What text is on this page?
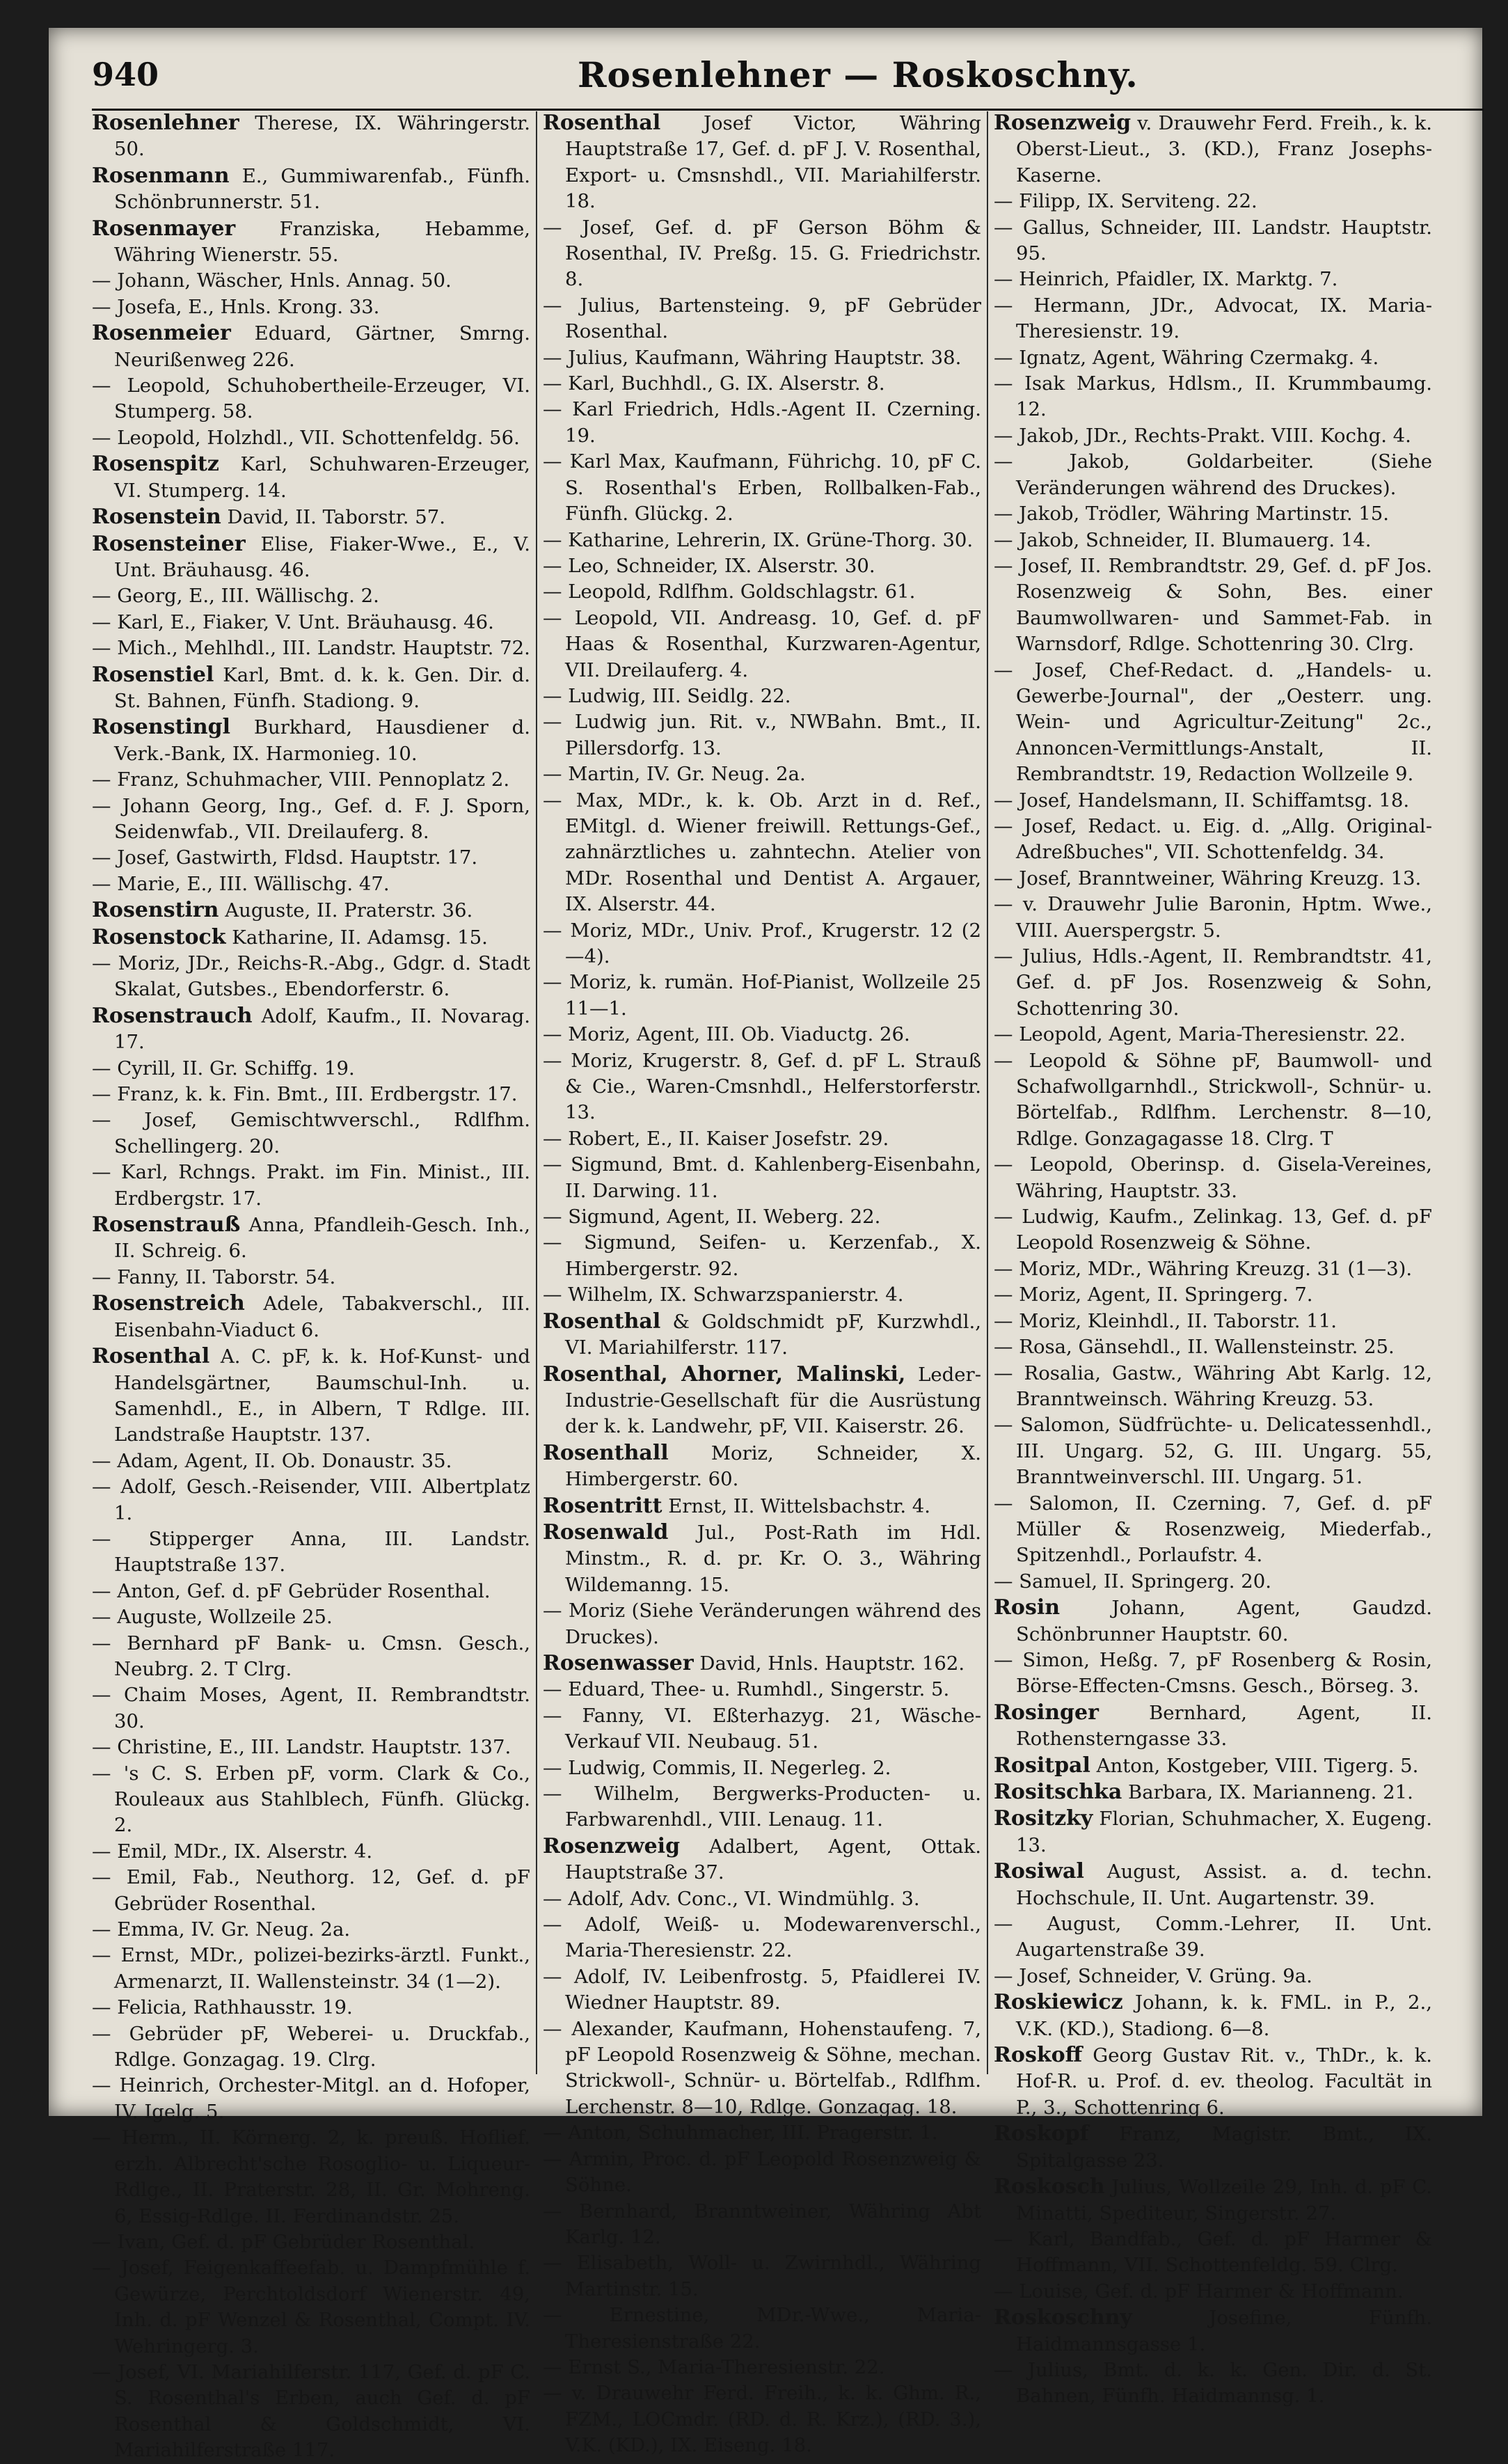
940	Rosenlehner — Roskoschny.
Rosenlehner Therese, IX. Währingerstr. 50.
Rosenmann E., Gummiwarenfab., Fünfh. Schönbrunnerstr. 51.
Rosenmayer Franziska, Hebamme, Währing Wienerstr. 55.
— Johann, Wäscher, Hnls. Annag. 50.
— Josefa, E., Hnls. Krong. 33.
Rosenmeier Eduard, Gärtner, Smrng. Neurißenweg 226.
— Leopold, Schuhobertheile-Erzeuger, VI. Stumperg. 58.
— Leopold, Holzhdl., VII. Schottenfeldg. 56.
Rosenspitz Karl, Schuhwaren-Erzeuger, VI. Stumperg. 14.
Rosenstein David, II. Taborstr. 57.
Rosensteiner Elise, Fiaker-Wwe., E., V. Unt. Bräuhausg. 46.
— Georg, E., III. Wällischg. 2.
— Karl, E., Fiaker, V. Unt. Bräuhausg. 46.
— Mich., Mehlhdl., III. Landstr. Hauptstr. 72.
Rosenstiel Karl, Bmt. d. k. k. Gen. Dir. d. St. Bahnen, Fünfh. Stadiong. 9.
Rosenstingl Burkhard, Hausdiener d. Verk.-Bank, IX. Harmonieg. 10.
— Franz, Schuhmacher, VIII. Pennoplatz 2.
— Johann Georg, Ing., Gef. d. F. J. Sporn, Seidenwfab., VII. Dreilauferg. 8.
— Josef, Gastwirth, Fldsd. Hauptstr. 17.
— Marie, E., III. Wällischg. 47.
Rosenstirn Auguste, II. Praterstr. 36.
Rosenstock Katharine, II. Adamsg. 15.
— Moriz, JDr., Reichs-R.-Abg., Gdgr. d. Stadt Skalat, Gutsbes., Ebendorferstr. 6.
Rosenstrauch Adolf, Kaufm., II. Novarag. 17.
— Cyrill, II. Gr. Schiffg. 19.
— Franz, k. k. Fin. Bmt., III. Erdbergstr. 17.
— Josef, Gemischtwverschl., Rdlfhm. Schellingerg. 20.
— Karl, Rchngs. Prakt. im Fin. Minist., III. Erdbergstr. 17.
Rosenstrauß Anna, Pfandleih-Gesch. Inh., II. Schreig. 6.
— Fanny, II. Taborstr. 54.
Rosenstreich Adele, Tabakverschl., III. Eisenbahn-Viaduct 6.
Rosenthal A. C. pF, k. k. Hof-Kunst- und Handelsgärtner, Baumschul-Inh. u. Samenhdl., E., in Albern, T Rdlge. III. Landstraße Hauptstr. 137.
— Adam, Agent, II. Ob. Donaustr. 35.
— Adolf, Gesch.-Reisender, VIII. Albertplatz 1.
— Stipperger Anna, III. Landstr. Hauptstraße 137.
— Anton, Gef. d. pF Gebrüder Rosenthal.
— Auguste, Wollzeile 25.
— Bernhard pF Bank- u. Cmsn. Gesch., Neubrg. 2. T Clrg.
— Chaim Moses, Agent, II. Rembrandtstr. 30.
— Christine, E., III. Landstr. Hauptstr. 137.
— 's C. S. Erben pF, vorm. Clark & Co., Rouleaux aus Stahlblech, Fünfh. Glückg. 2.
— Emil, MDr., IX. Alserstr. 4.
— Emil, Fab., Neuthorg. 12, Gef. d. pF Gebrüder Rosenthal.
— Emma, IV. Gr. Neug. 2a.
— Ernst, MDr., polizei-bezirks-ärztl. Funkt., Armenarzt, II. Wallensteinstr. 34 (1—2).
— Felicia, Rathhausstr. 19.
— Gebrüder pF, Weberei- u. Druckfab., Rdlge. Gonzagag. 19. Clrg.
— Heinrich, Orchester-Mitgl. an d. Hofoper, IV. Igelg. 5.
— Herm., II. Körnerg. 2, k. preuß. Hoflief. erzh. Albrecht'sche Rosoglio- u. Liqueur-Rdlge., II. Praterstr. 28, II. Gr. Mohreng. 6, Essig-Rdlge. II. Ferdinandstr. 25.
— Ivan, Gef. d. pF Gebrüder Rosenthal.
— Josef, Feigenkaffeefab. u. Dampfmühle f. Gewürze, Perchtoldsdorf Wienerstr. 49, Inh. d. pF Wenzel & Rosenthal, Compt. IV. Wehringerg. 3.
— Josef, VI. Mariahilferstr. 117, Gef. d. pF C. S. Rosenthal's Erben, auch Gef. d. pF Rosenthal & Goldschmidt, VI. Mariahilferstraße 117.
Rosenthal Josef Victor, Währing Hauptstraße 17, Gef. d. pF J. V. Rosenthal, Export- u. Cmsnshdl., VII. Mariahilferstr. 18.
— Josef, Gef. d. pF Gerson Böhm & Rosenthal, IV. Preßg. 15. G. Friedrichstr. 8.
— Julius, Bartensteing. 9, pF Gebrüder Rosenthal.
— Julius, Kaufmann, Währing Hauptstr. 38.
— Karl, Buchhdl., G. IX. Alserstr. 8.
— Karl Friedrich, Hdls.-Agent II. Czerning. 19.
— Karl Max, Kaufmann, Führichg. 10, pF C. S. Rosenthal's Erben, Rollbalken-Fab., Fünfh. Glückg. 2.
— Katharine, Lehrerin, IX. Grüne-Thorg. 30.
— Leo, Schneider, IX. Alserstr. 30.
— Leopold, Rdlfhm. Goldschlagstr. 61.
— Leopold, VII. Andreasg. 10, Gef. d. pF Haas & Rosenthal, Kurzwaren-Agentur, VII. Dreilauferg. 4.
— Ludwig, III. Seidlg. 22.
— Ludwig jun. Rit. v., NWBahn. Bmt., II. Pillersdorfg. 13.
— Martin, IV. Gr. Neug. 2a.
— Max, MDr., k. k. Ob. Arzt in d. Ref., EMitgl. d. Wiener freiwill. Rettungs-Gef., zahnärztliches u. zahntechn. Atelier von MDr. Rosenthal und Dentist A. Argauer, IX. Alserstr. 44.
— Moriz, MDr., Univ. Prof., Krugerstr. 12 (2—4).
— Moriz, k. rumän. Hof-Pianist, Wollzeile 25 11—1.
— Moriz, Agent, III. Ob. Viaductg. 26.
— Moriz, Krugerstr. 8, Gef. d. pF L. Strauß & Cie., Waren-Cmsnhdl., Helferstorferstr. 13.
— Robert, E., II. Kaiser Josefstr. 29.
— Sigmund, Bmt. d. Kahlenberg-Eisenbahn, II. Darwing. 11.
— Sigmund, Agent, II. Weberg. 22.
— Sigmund, Seifen- u. Kerzenfab., X. Himbergerstr. 92.
— Wilhelm, IX. Schwarzspanierstr. 4.
Rosenthal & Goldschmidt pF, Kurzwhdl., VI. Mariahilferstr. 117.
Rosenthal, Ahorner, Malinski, Leder-Industrie-Gesellschaft für die Ausrüstung der k. k. Landwehr, pF, VII. Kaiserstr. 26.
Rosenthall Moriz, Schneider, X. Himbergerstr. 60.
Rosentritt Ernst, II. Wittelsbachstr. 4.
Rosenwald Jul., Post-Rath im Hdl. Minstm., R. d. pr. Kr. O. 3., Währing Wildemanng. 15.
— Moriz (Siehe Veränderungen während des Druckes).
Rosenwasser David, Hnls. Hauptstr. 162.
— Eduard, Thee- u. Rumhdl., Singerstr. 5.
— Fanny, VI. Eßterhazyg. 21, Wäsche-Verkauf VII. Neubaug. 51.
— Ludwig, Commis, II. Negerleg. 2.
— Wilhelm, Bergwerks-Producten- u. Farbwarenhdl., VIII. Lenaug. 11.
Rosenzweig Adalbert, Agent, Ottak. Hauptstraße 37.
— Adolf, Adv. Conc., VI. Windmühlg. 3.
— Adolf, Weiß- u. Modewarenverschl., Maria-Theresienstr. 22.
— Adolf, IV. Leibenfrostg. 5, Pfaidlerei IV. Wiedner Hauptstr. 89.
— Alexander, Kaufmann, Hohenstaufeng. 7, pF Leopold Rosenzweig & Söhne, mechan. Strickwoll-, Schnür- u. Börtelfab., Rdlfhm. Lerchenstr. 8—10, Rdlge. Gonzagag. 18.
— Anton, Schuhmacher, III. Pragerstr. 1.
— Armin, Proc. d. pF Leopold Rosenzweig & Söhne.
— Bernhard, Branntweiner, Währing Abt Karlg. 12.
— Elisabeth, Woll- u. Zwirnhdl., Währing Martinstr. 15.
— Ernestine, MDr.-Wwe., Maria-Theresienstraße 22.
— Ernst S., Maria-Theresienstr. 22.
— v. Drauwehr Ferd. Freih., k. k. Ghm. R., FZM., LOCmdr. (RD. d. R. Krz.), (RD. 3.), V.K. (KD.), IX. Eiseng. 18.
Rosenzweig v. Drauwehr Ferd. Freih., k. k. Oberst-Lieut., 3. (KD.), Franz Josephs-Kaserne.
— Filipp, IX. Serviteng. 22.
— Gallus, Schneider, III. Landstr. Hauptstr. 95.
— Heinrich, Pfaidler, IX. Marktg. 7.
— Hermann, JDr., Advocat, IX. Maria-Theresienstr. 19.
— Ignatz, Agent, Währing Czermakg. 4.
— Isak Markus, Hdlsm., II. Krummbaumg. 12.
— Jakob, JDr., Rechts-Prakt. VIII. Kochg. 4.
— Jakob, Goldarbeiter. (Siehe Veränderungen während des Druckes).
— Jakob, Trödler, Währing Martinstr. 15.
— Jakob, Schneider, II. Blumauerg. 14.
— Josef, II. Rembrandtstr. 29, Gef. d. pF Jos. Rosenzweig & Sohn, Bes. einer Baumwollwaren- und Sammet-Fab. in Warnsdorf, Rdlge. Schottenring 30. Clrg.
— Josef, Chef-Redact. d. „Handels- u. Gewerbe-Journal", der „Oesterr. ung. Wein- und Agricultur-Zeitung" 2c., Annoncen-Vermittlungs-Anstalt, II. Rembrandtstr. 19, Redaction Wollzeile 9.
— Josef, Handelsmann, II. Schiffamtsg. 18.
— Josef, Redact. u. Eig. d. „Allg. Original-Adreßbuches", VII. Schottenfeldg. 34.
— Josef, Branntweiner, Währing Kreuzg. 13.
— v. Drauwehr Julie Baronin, Hptm. Wwe., VIII. Auerspergstr. 5.
— Julius, Hdls.-Agent, II. Rembrandtstr. 41, Gef. d. pF Jos. Rosenzweig & Sohn, Schottenring 30.
— Leopold, Agent, Maria-Theresienstr. 22.
— Leopold & Söhne pF, Baumwoll- und Schafwollgarnhdl., Strickwoll-, Schnür- u. Börtelfab., Rdlfhm. Lerchenstr. 8—10, Rdlge. Gonzagagasse 18. Clrg. T
— Leopold, Oberinsp. d. Gisela-Vereines, Währing, Hauptstr. 33.
— Ludwig, Kaufm., Zelinkag. 13, Gef. d. pF Leopold Rosenzweig & Söhne.
— Moriz, MDr., Währing Kreuzg. 31 (1—3).
— Moriz, Agent, II. Springerg. 7.
— Moriz, Kleinhdl., II. Taborstr. 11.
— Rosa, Gänsehdl., II. Wallensteinstr. 25.
— Rosalia, Gastw., Währing Abt Karlg. 12, Branntweinsch. Währing Kreuzg. 53.
— Salomon, Südfrüchte- u. Delicatessenhdl., III. Ungarg. 52, G. III. Ungarg. 55, Branntweinverschl. III. Ungarg. 51.
— Salomon, II. Czerning. 7, Gef. d. pF Müller & Rosenzweig, Miederfab., Spitzenhdl., Porlaufstr. 4.
— Samuel, II. Springerg. 20.
Rosin	Johann, Agent, Gaudzd. Schönbrunner Hauptstr. 60.
— Simon, Heßg. 7, pF Rosenberg & Rosin, Börse-Effecten-Cmsns. Gesch., Börseg. 3.
Rosinger	Bernhard, Agent, II. Rothensterngasse 33.
Rositpal Anton, Kostgeber, VIII. Tigerg. 5.
Rositschka Barbara, IX. Marianneng. 21.
Rositzky Florian, Schuhmacher, X. Eugeng. 13.
Rosiwal August, Assist. a. d. techn. Hochschule, II. Unt. Augartenstr. 39.
— August, Comm.-Lehrer, II. Unt. Augartenstraße 39.
— Josef, Schneider, V. Grüng. 9a.
Roskiewicz Johann, k. k. FML. in P., 2., V.K. (KD.), Stadiong. 6—8.
Roskoff Georg Gustav Rit. v., ThDr., k. k. Hof-R. u. Prof. d. ev. theolog. Facultät in P., 3., Schottenring 6.
Roskopf Franz, Magistr. Bmt., IX. Spitalgasse 23.
Roskosch Julius, Wollzeile 29, Inh. d. pF C. Minatti, Spediteur, Singerstr. 27.
— Karl, Bandfab., Gef. d. pF Harmer & Hoffmann, VII. Schottenfeldg. 59. Clrg.
— Louise, Gef. d. pF Harmer & Hoffmann.
Roskoschny	Josefine, Fünfh. Haidmannsgasse 1.
— Julius, Bmt. d. k. k. Gen. Dir. d. St. Bahnen, Fünfh. Haidmannsg. 1.
